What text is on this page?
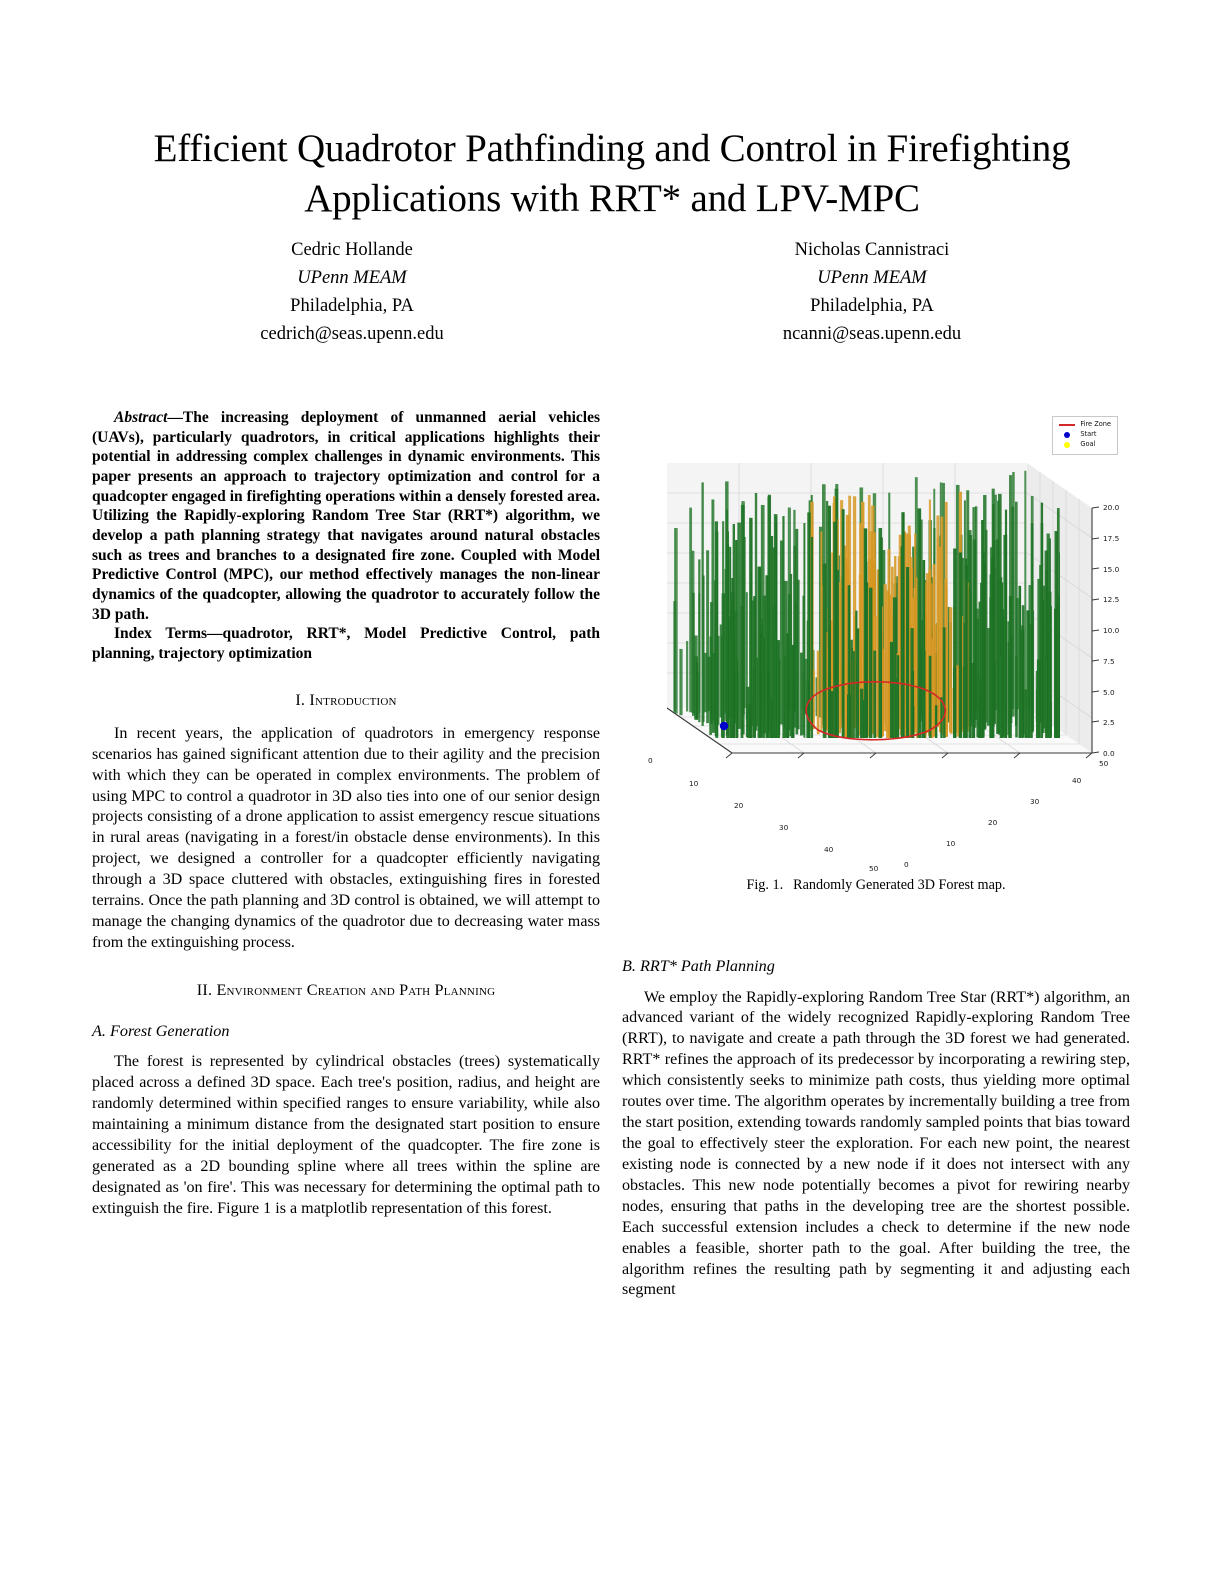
Efficient Quadrotor Pathfinding and Control in Firefighting Applications with RRT* and LPV-MPC
Cedric Hollande
UPenn MEAM
Philadelphia, PA
cedrich@seas.upenn.edu
Nicholas Cannistraci
UPenn MEAM
Philadelphia, PA
ncanni@seas.upenn.edu

Abstract—The increasing deployment of unmanned aerial vehicles (UAVs), particularly quadrotors, in critical applications highlights their potential in addressing complex challenges in dynamic environments. This paper presents an approach to trajectory optimization and control for a quadcopter engaged in firefighting operations within a densely forested area. Utilizing the Rapidly-exploring Random Tree Star (RRT*) algorithm, we develop a path planning strategy that navigates around natural obstacles such as trees and branches to a designated fire zone. Coupled with Model Predictive Control (MPC), our method effectively manages the non-linear dynamics of the quadcopter, allowing the quadrotor to accurately follow the 3D path.

Index Terms—quadrotor, RRT*, Model Predictive Control, path planning, trajectory optimization

I. Introduction

In recent years, the application of quadrotors in emergency response scenarios has gained significant attention due to their agility and the precision with which they can be operated in complex environments. The problem of using MPC to control a quadrotor in 3D also ties into one of our senior design projects consisting of a drone application to assist emergency rescue situations in rural areas (navigating in a forest/in obstacle dense environments). In this project, we designed a controller for a quadcopter efficiently navigating through a 3D space cluttered with obstacles, extinguishing fires in forested terrains. Once the path planning and 3D control is obtained, we will attempt to manage the changing dynamics of the quadrotor due to decreasing water mass from the extinguishing process.

II. Environment Creation and Path Planning
A. Forest Generation

The forest is represented by cylindrical obstacles (trees) systematically placed across a defined 3D space. Each tree's position, radius, and height are randomly determined within specified ranges to ensure variability, while also maintaining a minimum distance from the designated start position to ensure accessibility for the initial deployment of the quadcopter. The fire zone is generated as a 2D bounding spline where all trees within the spline are designated as 'on fire'. This was necessary for determining the optimal path to extinguish the fire. Figure 1 is a matplotlib representation of this forest.

20.0
17.5
15.0
12.5
10.0
7.5
5.0
2.5
0.0
0
10
20
30
40
50	0
10
20
30
40
50
Fire Zone
Start
Goal
Fig. 1. Randomly Generated 3D Forest map.
B. RRT* Path Planning

We employ the Rapidly-exploring Random Tree Star (RRT*) algorithm, an advanced variant of the widely recognized Rapidly-exploring Random Tree (RRT), to navigate and create a path through the 3D forest we had generated. RRT* refines the approach of its predecessor by incorporating a rewiring step, which consistently seeks to minimize path costs, thus yielding more optimal routes over time. The algorithm operates by incrementally building a tree from the start position, extending towards randomly sampled points that bias toward the goal to effectively steer the exploration. For each new point, the nearest existing node is connected by a new node if it does not intersect with any obstacles. This new node potentially becomes a pivot for rewiring nearby nodes, ensuring that paths in the developing tree are the shortest possible. Each successful extension includes a check to determine if the new node enables a feasible, shorter path to the goal. After building the tree, the algorithm refines the resulting path by segmenting it and adjusting each segment
